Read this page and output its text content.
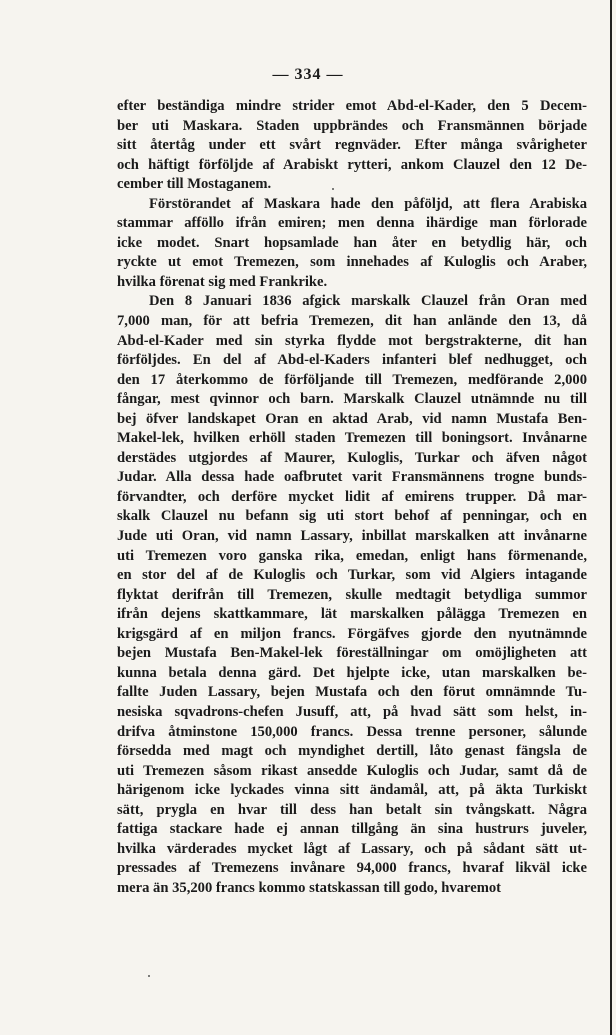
— 334 —

efter beständiga mindre strider emot Abd-el-Kader, den 5 Decem-
ber uti Maskara. Staden uppbrändes och Fransmännen började
sitt återtåg under ett svårt regnväder. Efter många svårigheter
och häftigt förföljde af Arabiskt rytteri, ankom Clauzel den 12 De-
cember till Mostaganem.

Förstörandet af Maskara hade den påföljd, att flera Arabiska
stammar afföllo ifrån emiren; men denna ihärdige man förlorade
icke modet. Snart hopsamlade han åter en betydlig här, och
ryckte ut emot Tremezen, som innehades af Kuloglis och Araber,
hvilka förenat sig med Frankrike.

Den 8 Januari 1836 afgick marskalk Clauzel från Oran med
7,000 man, för att befria Tremezen, dit han anlände den 13, då
Abd-el-Kader med sin styrka flydde mot bergstrakterne, dit han
förföljdes. En del af Abd-el-Kaders infanteri blef nedhugget, och
den 17 återkommo de förföljande till Tremezen, medförande 2,000
fångar, mest qvinnor och barn. Marskalk Clauzel utnämnde nu till
bej öfver landskapet Oran en aktad Arab, vid namn Mustafa Ben-
Makel-lek, hvilken erhöll staden Tremezen till boningsort. Invånarne
derstädes utgjordes af Maurer, Kuloglis, Turkar och äfven något
Judar. Alla dessa hade oafbrutet varit Fransmännens trogne bunds-
förvandter, och derföre mycket lidit af emirens trupper. Då mar-
skalk Clauzel nu befann sig uti stort behof af penningar, och en
Jude uti Oran, vid namn Lassary, inbillat marskalken att invånarne
uti Tremezen voro ganska rika, emedan, enligt hans förmenande,
en stor del af de Kuloglis och Turkar, som vid Algiers intagande
flyktat derifrån till Tremezen, skulle medtagit betydliga summor
ifrån dejens skattkammare, lät marskalken pålägga Tremezen en
krigsgärd af en miljon francs. Förgäfves gjorde den nyutnämnde
bejen Mustafa Ben-Makel-lek föreställningar om omöjligheten att
kunna betala denna gärd. Det hjelpte icke, utan marskalken be-
fallte Juden Lassary, bejen Mustafa och den förut omnämnde Tu-
nesiska sqvadrons-chefen Jusuff, att, på hvad sätt som helst, in-
drifva åtminstone 150,000 francs. Dessa trenne personer, sålunde
försedda med magt och myndighet dertill, låto genast fängsla de
uti Tremezen såsom rikast ansedde Kuloglis och Judar, samt då de
härigenom icke lyckades vinna sitt ändamål, att, på äkta Turkiskt
sätt, prygla en hvar till dess han betalt sin tvångskatt. Några
fattiga stackare hade ej annan tillgång än sina hustrurs juveler,
hvilka värderades mycket lågt af Lassary, och på sådant sätt ut-
pressades af Tremezens invånare 94,000 francs, hvaraf likväl icke
mera än 35,200 francs kommo statskassan till godo, hvaremot
